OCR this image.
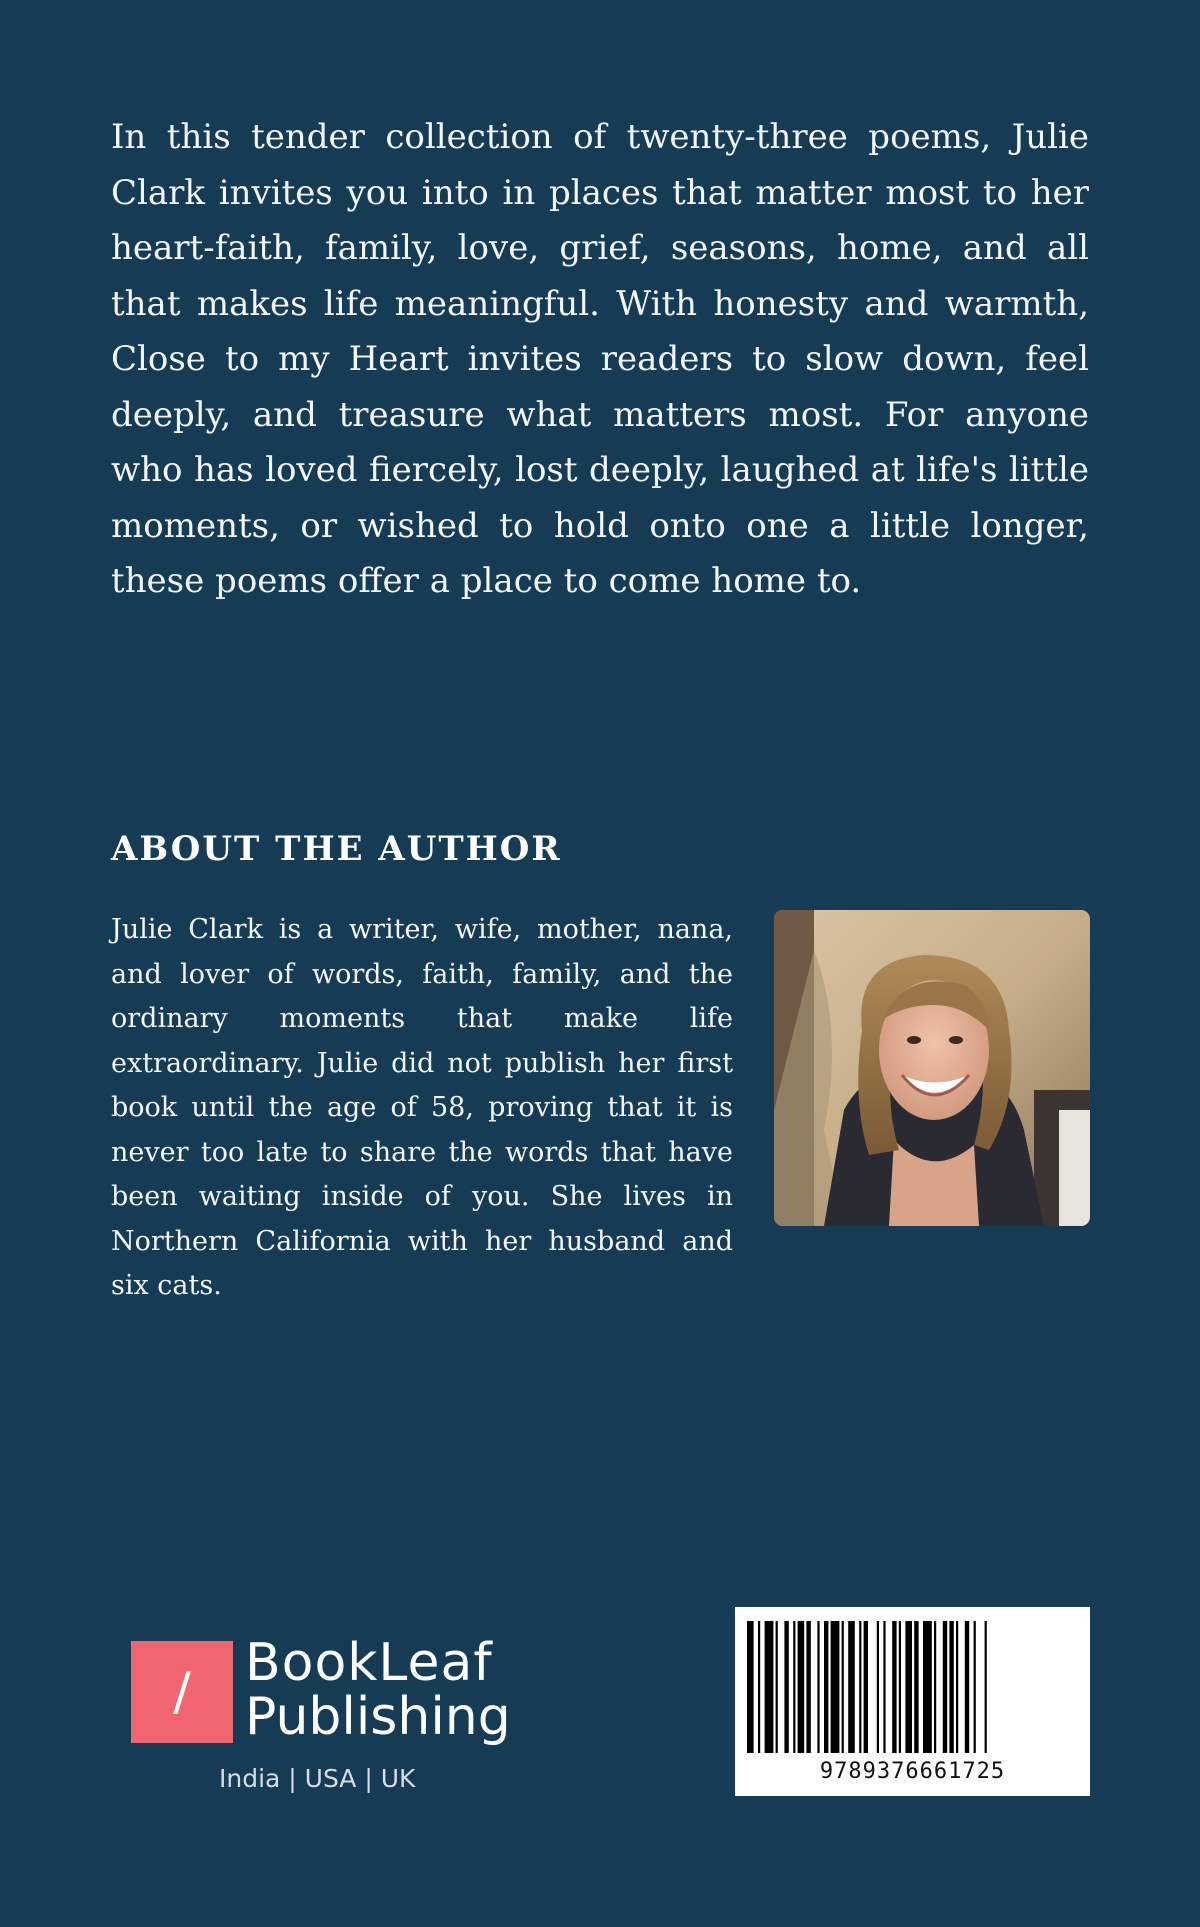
In this tender collection of twenty-three poems, Julie Clark invites you into in places that matter most to her heart-faith, family, love, grief, seasons, home, and all that makes life meaningful. With honesty and warmth, Close to my Heart invites readers to slow down, feel deeply, and treasure what matters most. For anyone who has loved fiercely, lost deeply, laughed at life's little moments, or wished to hold onto one a little longer, these poems offer a place to come home to.

ABOUT THE AUTHOR

Julie Clark is a writer, wife, mother, nana, and lover of words, faith, family, and the ordinary moments that make life extraordinary. Julie did not publish her first book until the age of 58, proving that it is never too late to share the words that have been waiting inside of you. She lives in Northern California with her husband and six cats.

/	BookLeaf
Publishing
India | USA | UK	9789376661725
